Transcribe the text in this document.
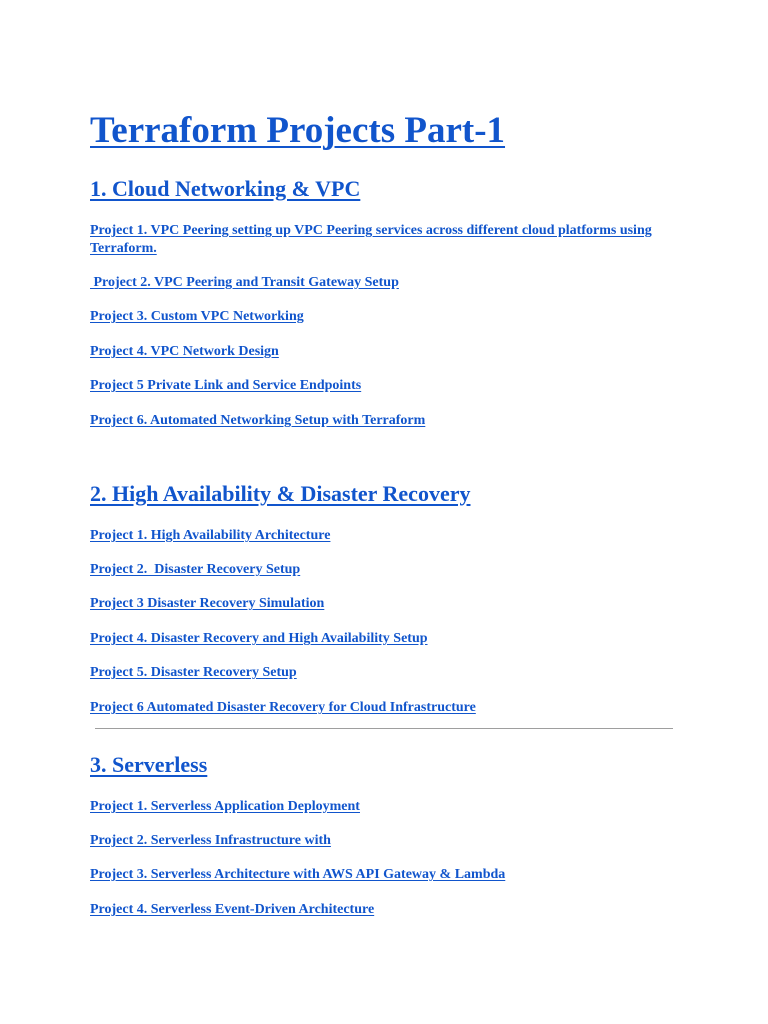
Terraform Projects Part-1
1. Cloud Networking & VPC
Project 1. VPC Peering setting up VPC Peering services across different cloud platforms using Terraform.
Project 2. VPC Peering and Transit Gateway Setup
Project 3. Custom VPC Networking
Project 4. VPC Network Design
Project 5 Private Link and Service Endpoints
Project 6. Automated Networking Setup with Terraform
2. High Availability & Disaster Recovery
Project 1. High Availability Architecture
Project 2.  Disaster Recovery Setup
Project 3 Disaster Recovery Simulation
Project 4. Disaster Recovery and High Availability Setup
Project 5. Disaster Recovery Setup
Project 6 Automated Disaster Recovery for Cloud Infrastructure
3. Serverless
Project 1. Serverless Application Deployment
Project 2. Serverless Infrastructure with
Project 3. Serverless Architecture with AWS API Gateway & Lambda
Project 4. Serverless Event-Driven Architecture
